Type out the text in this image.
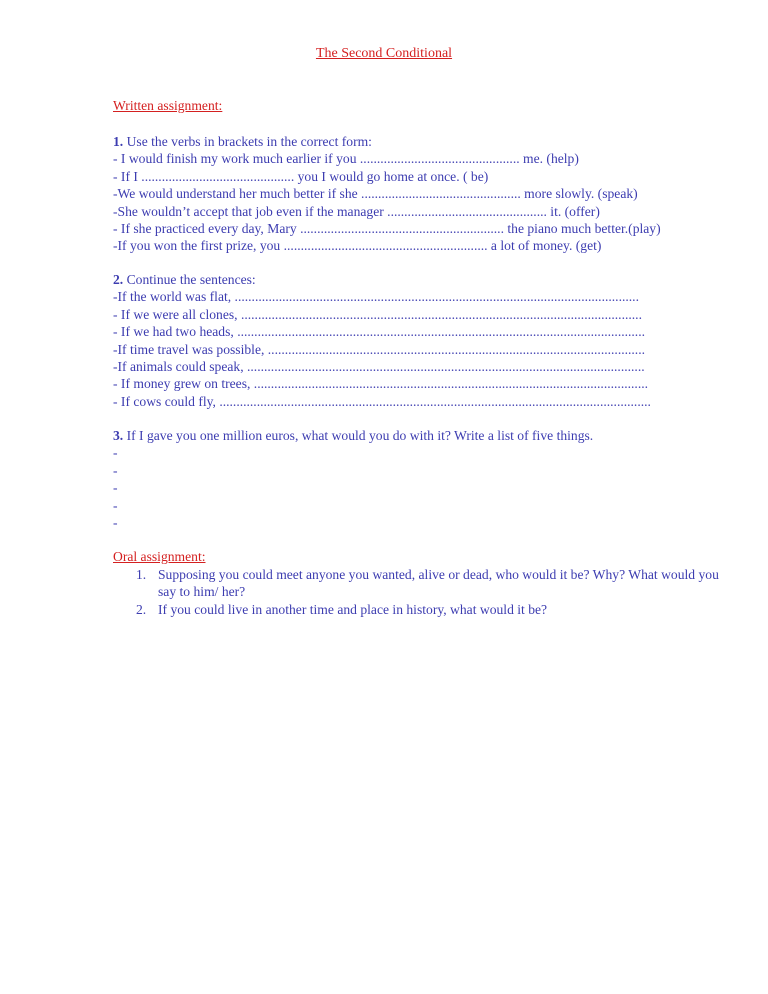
The Second Conditional
Written assignment:
1. Use the verbs in brackets in the correct form:
- I would finish my work much earlier if you ............................................... me. (help)
- If I ............................................. you I would go home at once. ( be)
-We would understand her much better if she ............................................... more slowly. (speak)
-She wouldn’t accept that job even if the manager ............................................... it. (offer)
- If she practiced every day, Mary ............................................................ the piano much better.(play)
-If you won the first prize, you ............................................................ a lot of money. (get)
2. Continue the sentences:
-If the world was flat, .......................................................................................................................
- If we were all clones, ......................................................................................................................
- If we had two heads, ........................................................................................................................
-If time travel was possible, ...............................................................................................................
-If animals could speak, .....................................................................................................................
- If money grew on trees, ....................................................................................................................
- If cows could fly, ...............................................................................................................................
3. If I gave you one million euros, what would you do with it? Write a list of five things.
-
-
-
-
-
Oral assignment:
1. Supposing you could meet anyone you wanted, alive or dead, who would it be? Why? What would you say to him/ her?
2. If you could live in another time and place in history, what would it be?
